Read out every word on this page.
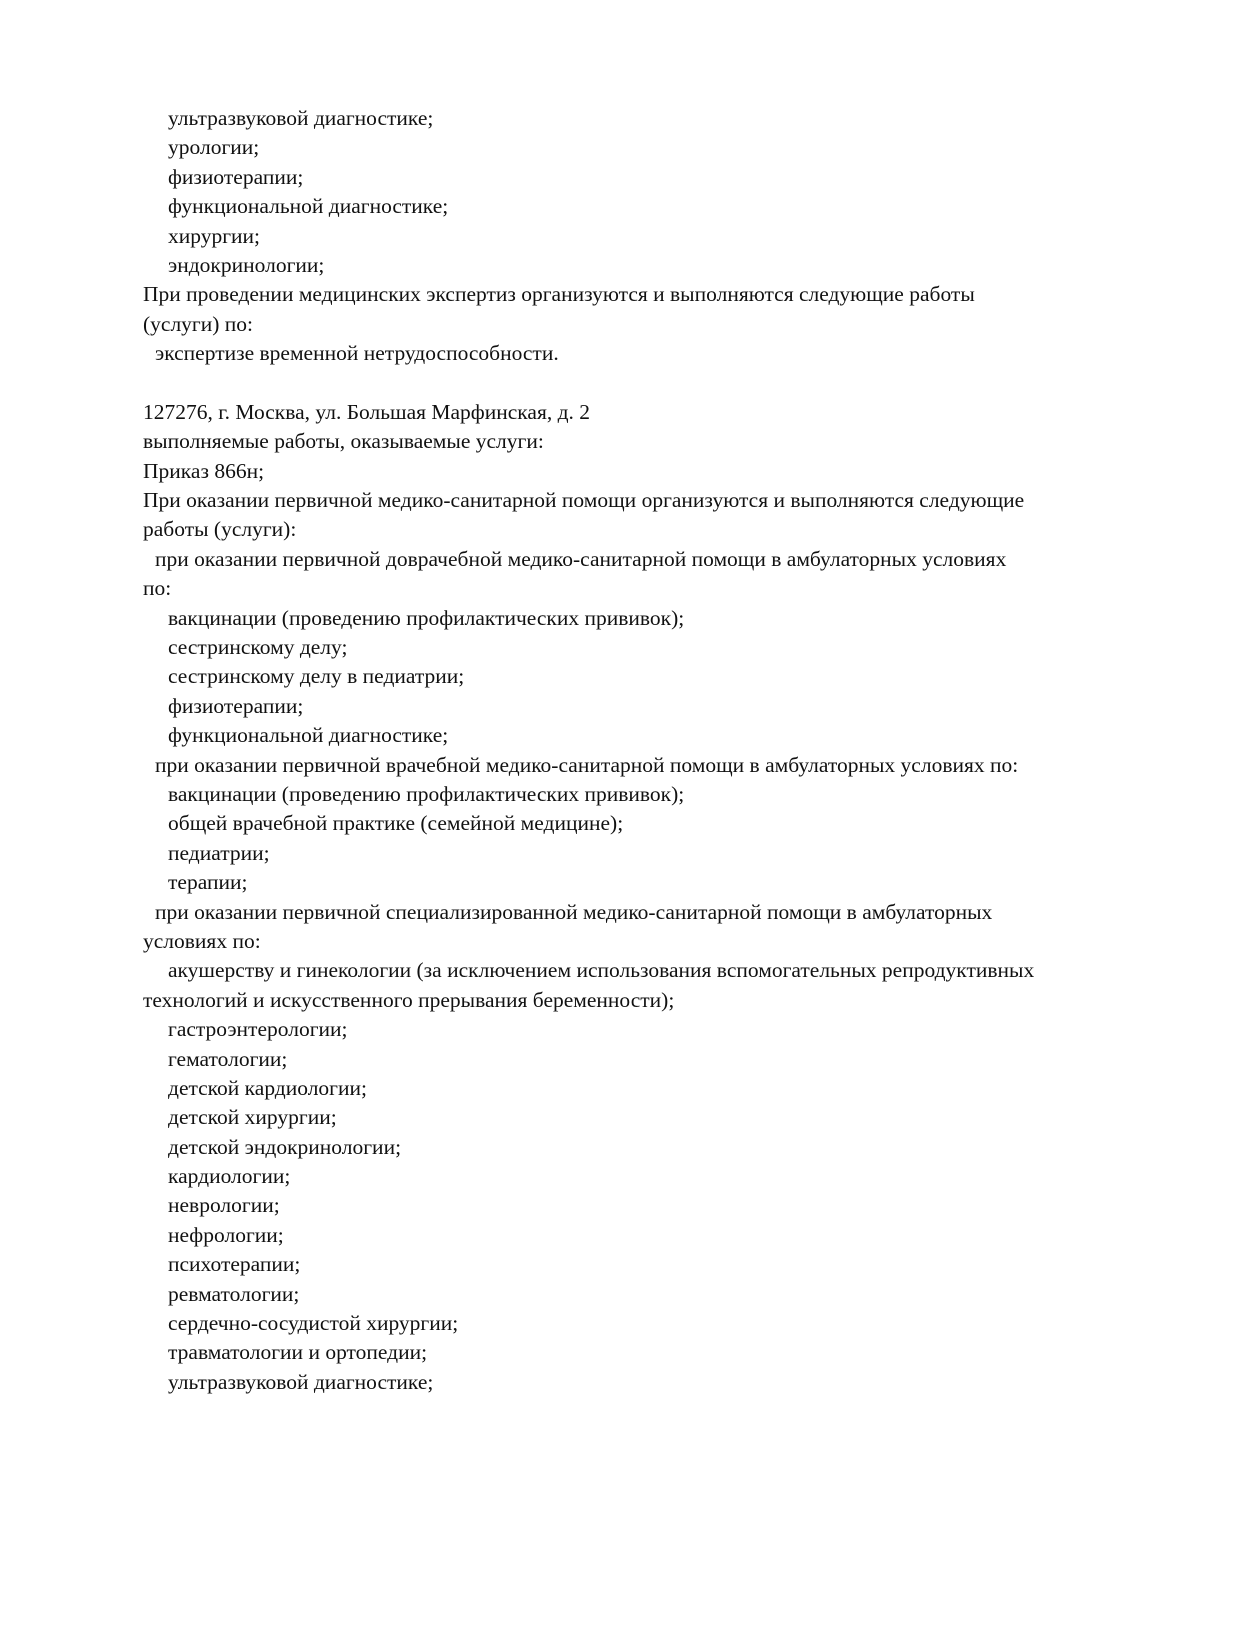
ультразвуковой диагностике;
урологии;
физиотерапии;
функциональной диагностике;
хирургии;
эндокринологии;
При проведении медицинских экспертиз организуются и выполняются следующие работы
(услуги) по:
экспертизе временной нетрудоспособности.
127276, г. Москва, ул. Большая Марфинская, д. 2
выполняемые работы, оказываемые услуги:
Приказ 866н;
При оказании первичной медико-санитарной помощи организуются и выполняются следующие
работы (услуги):
при оказании первичной доврачебной медико-санитарной помощи в амбулаторных условиях
по:
вакцинации (проведению профилактических прививок);
сестринскому делу;
сестринскому делу в педиатрии;
физиотерапии;
функциональной диагностике;
при оказании первичной врачебной медико-санитарной помощи в амбулаторных условиях по:
вакцинации (проведению профилактических прививок);
общей врачебной практике (семейной медицине);
педиатрии;
терапии;
при оказании первичной специализированной медико-санитарной помощи в амбулаторных
условиях по:
акушерству и гинекологии (за исключением использования вспомогательных репродуктивных
технологий и искусственного прерывания беременности);
гастроэнтерологии;
гематологии;
детской кардиологии;
детской хирургии;
детской эндокринологии;
кардиологии;
неврологии;
нефрологии;
психотерапии;
ревматологии;
сердечно-сосудистой хирургии;
травматологии и ортопедии;
ультразвуковой диагностике;
